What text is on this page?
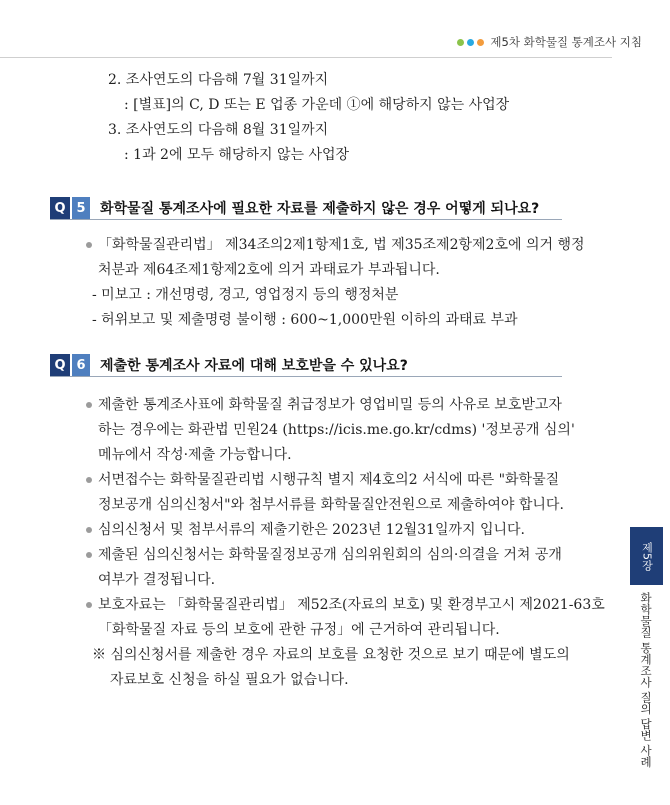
제5차 화학물질 통계조사 지침
2. 조사연도의 다음해 7월 31일까지
: [별표]의 C, D 또는 E 업종 가운데 ①에 해당하지 않는 사업장
3. 조사연도의 다음해 8월 31일까지
: 1과 2에 모두 해당하지 않는 사업장
Q 5	화학물질 통계조사에 필요한 자료를 제출하지 않은 경우 어떻게 되나요?
「화학물질관리법」 제34조의2제1항제1호, 법 제35조제2항제2호에 의거 행정
처분과 제64조제1항제2호에 의거 과태료가 부과됩니다.
- 미보고 : 개선명령, 경고, 영업정지 등의 행정처분
- 허위보고 및 제출명령 불이행 : 600~1,000만원 이하의 과태료 부과
Q 6	제출한 통계조사 자료에 대해 보호받을 수 있나요?
제출한 통계조사표에 화학물질 취급정보가 영업비밀 등의 사유로 보호받고자
하는 경우에는 화관법 민원24 (https://icis.me.go.kr/cdms) '정보공개 심의'
메뉴에서 작성·제출 가능합니다.
서면접수는 화학물질관리법 시행규칙 별지 제4호의2 서식에 따른 "화학물질
정보공개 심의신청서"와 첨부서류를 화학물질안전원으로 제출하여야 합니다.
심의신청서 및 첨부서류의 제출기한은 2023년 12월31일까지 입니다.
제출된 심의신청서는 화학물질정보공개 심의위원회의 심의·의결을 거쳐 공개
여부가 결정됩니다.
보호자료는 「화학물질관리법」 제52조(자료의 보호) 및 환경부고시 제2021-63호
「화학물질 자료 등의 보호에 관한 규정」에 근거하여 관리됩니다.
※ 심의신청서를 제출한 경우 자료의 보호를 요청한 것으로 보기 때문에 별도의
자료보호 신청을 하실 필요가 없습니다.
제5장
화학물질 통계조사 질의 답변 사례
